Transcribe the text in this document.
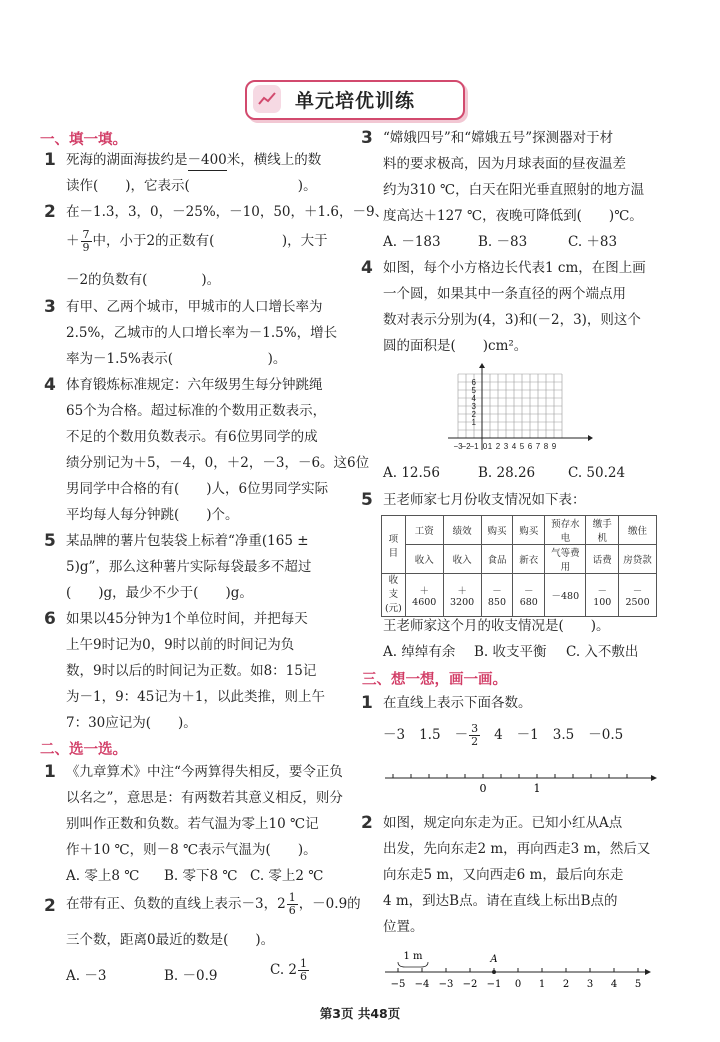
单元培优训练
一、填一填。
1 死海的湖面海拔约是－400米，横线上的数
读作(　　)，它表示(　　　　　　　　)。
2 在－1.3，3，0，－25%，－10，50，＋1.6，－9、
＋ $\frac{7}{9}$ 中，小于2的正数有(　　　　　)，大于
－2的负数有(　　　　)。
3 有甲、乙两个城市，甲城市的人口增长率为
2.5%，乙城市的人口增长率为－1.5%，增长
率为－1.5%表示(　　　　　　　)。
4 体育锻炼标准规定：六年级男生每分钟跳绳
65个为合格。超过标准的个数用正数表示，
不足的个数用负数表示。有6位男同学的成
绩分别记为＋5，－4，0，＋2，－3，－6。这6位
男同学中合格的有(　　)人，6位男同学实际
平均每人每分钟跳(　　)个。
5 某品牌的薯片包装袋上标着“净重(165 ±
5)g”，那么这种薯片实际每袋最多不超过
(　　)g，最少不少于(　　)g。
6 如果以45分钟为1个单位时间，并把每天
上午9时记为0，9时以前的时间记为负
数，9时以后的时间记为正数。如8：15记
为－1，9：45记为＋1，以此类推，则上午
7：30应记为(　　)。
二、选一选。
1 《九章算术》中注“今两算得失相反，要令正负
以名之”，意思是：有两数若其意义相反，则分
别叫作正数和负数。若气温为零上10 ℃记
作＋10 ℃，则－8 ℃表示气温为(　　)。
A. 零上8 ℃ B. 零下8 ℃ C. 零上2 ℃
2 在带有正、负数的直线上表示－3，$2 \frac{1}{6}$ ，－0.9的
三个数，距离0最近的数是(　　)。
A. －3	B. －0.9	C. $2 \frac{1}{6}$
3 “嫦娥四号”和“嫦娥五号”探测器对于材
料的要求极高，因为月球表面的昼夜温差
约为310 ℃，白天在阳光垂直照射的地方温
度高达＋127 ℃，夜晚可降低到(　　)℃。
A. －183	B. －83	C. ＋83
4 如图，每个小方格边长代表1 cm，在图上画
一个圆，如果其中一条直径的两个端点用
数对表示分别为(4，3)和(－2，3)，则这个
圆的面积是(　　)cm²。
6
5
4
3
2
1
−3
−2
−1 0 1 2 3 4 5 6 7 8 9
A. 12.56	B. 28.26 C. 50.24
5 王老师家七月份收支情况如下表：
项目	工资	绩效	购买	购买	预存水电	缴手机	缴住
	收入	收入	食品	新衣	气等费用	话费	房贷款
收支
(元)	＋4600	＋3200	－850	－680	－480	－100	－2500
王老师家这个月的收支情况是(　　)。
A. 绰绰有余 B. 收支平衡 C. 入不敷出
三、想一想，画一画。
1 在直线上表示下面各数。
－3 $1.5 - \frac{3}{2} 4 -1$ 3.5 －0.5
0	1
2 如图，规定向东走为正。已知小红从A点
出发，先向东走2 m，再向西走3 m，然后又
向东走5 m，又向西走6 m，最后向东走
4 m，到达B点。请在直线上标出B点的
位置。
1 m	A
−5 −4 −3 −2 −1 0 1 2 3 4 5
第3页 共48页
